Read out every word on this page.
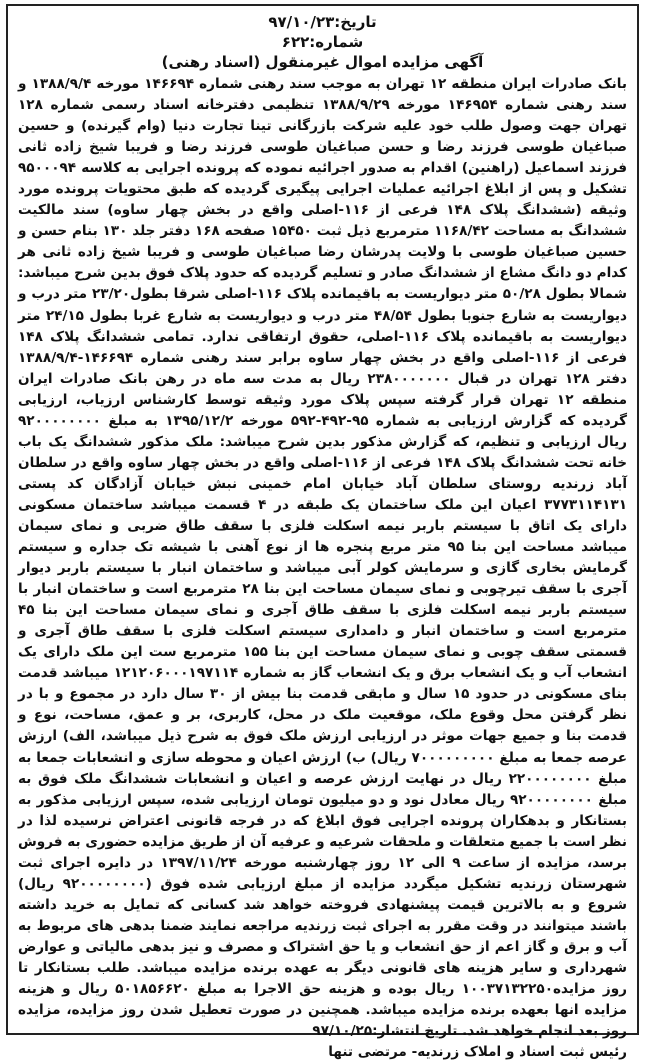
تاریخ:۹۷/۱۰/۲۳
شماره:۶۲۲
آگهی مزایده اموال غیرمنقول (اسناد رهنی)
بانک صادرات ایران منطقه ۱۲ تهران به موجب سند رهنی شماره ۱۴۶۶۹۴ مورخه ۱۳۸۸/۹/۴ و سند رهنی شماره ۱۴۶۹۵۴ مورخه ۱۳۸۸/۹/۲۹ تنظیمی دفترخانه اسناد رسمی شماره ۱۲۸ تهران جهت وصول طلب خود علیه شرکت بازرگانی تینا تجارت دنیا (وام گیرنده) و حسین صباغیان طوسی فرزند رضا و حسن صباغیان طوسی فرزند رضا و فریبا شیخ زاده ثانی فرزند اسماعیل (راهنین) اقدام به صدور اجرائیه نموده که پرونده اجرایی به کلاسه ۹۵۰۰۰۹۴ تشکیل و پس از ابلاغ اجرائیه عملیات اجرایی پیگیری گردیده که طبق محتویات پرونده مورد وثیقه (ششدانگ پلاک ۱۴۸ فرعی از ۱۱۶-اصلی واقع در بخش چهار ساوه) سند مالکیت ششدانگ به مساحت ۱۱۶۸/۴۲ مترمربع ذیل ثبت ۱۵۴۵۰ صفحه ۱۶۸ دفتر جلد ۱۳۰ بنام حسن و حسین صباغیان طوسی با ولایت پدرشان رضا صباغیان طوسی و فریبا شیخ زاده ثانی هر کدام دو دانگ مشاع از ششدانگ صادر و تسلیم گردیده که حدود پلاک فوق بدین شرح میباشد: شمالا بطول ۵۰/۲۸ متر دیواریست به باقیمانده پلاک ۱۱۶-اصلی شرقا بطول۲۳/۲۰ متر درب و دیواریست به شارع جنوبا بطول ۴۸/۵۴ متر درب و دیواریست به شارع غربا بطول ۲۴/۱۵ متر دیواریست به باقیمانده پلاک ۱۱۶-اصلی، حقوق ارتفاقی ندارد. تمامی ششدانگ پلاک ۱۴۸ فرعی از ۱۱۶-اصلی واقع در بخش چهار ساوه برابر سند رهنی شماره ۱۴۶۶۹۴-۱۳۸۸/۹/۴ دفتر ۱۲۸ تهران در قبال ۲۳۸۰۰۰۰۰۰۰ ریال به مدت سه ماه در رهن بانک صادرات ایران منطقه ۱۲ تهران قرار گرفته سپس پلاک مورد وثیقه توسط کارشناس ارزیاب، ارزیابی گردیده که گزارش ارزیابی به شماره ۹۵-۴۹۲-۵۹۲ مورخه ۱۳۹۵/۱۲/۲ به مبلغ ۹۲۰۰۰۰۰۰۰۰ ریال ارزیابی و تنظیم، که گزارش مذکور بدین شرح میباشد: ملک مذکور ششدانگ یک باب خانه تحت ششدانگ پلاک ۱۴۸ فرعی از ۱۱۶-اصلی واقع در بخش چهار ساوه واقع در سلطان آباد زرندیه روستای سلطان آباد خیابان امام خمینی نبش خیابان آزادگان کد پستی ۳۷۷۳۱۱۴۱۳۱ اعیان این ملک ساختمان یک طبقه در ۴ قسمت میباشد ساختمان مسکونی دارای یک اتاق با سیستم باربر نیمه اسکلت فلزی با سقف طاق ضربی و نمای سیمان میباشد مساحت این بنا ۹۵ متر مربع پنجره ها از نوع آهنی با شیشه تک جداره و سیستم گرمایش بخاری گازی و سرمایش کولر آبی میباشد و ساختمان انبار با سیستم باربر دیوار آجری با سقف تیرچوبی و نمای سیمان مساحت این بنا ۲۸ مترمربع است و ساختمان انبار با سیستم باربر نیمه اسکلت فلزی با سقف طاق آجری و نمای سیمان مساحت این بنا ۴۵ مترمربع است و ساختمان انبار و دامداری سیستم اسکلت فلزی با سقف طاق آجری و قسمتی سقف چوبی و نمای سیمان مساحت این بنا ۱۵۵ مترمربع ست این ملک دارای یک انشعاب آب و یک انشعاب برق و یک انشعاب گاز به شماره ۱۲۱۲۰۶۰۰۰۱۹۷۱۱۴ میباشد قدمت بنای مسکونی در حدود ۱۵ سال و مابقی قدمت بنا بیش از ۳۰ سال دارد در مجموع و با در نظر گرفتن محل وقوع ملک، موقعیت ملک در محل، کاربری، بر و عمق، مساحت، نوع و قدمت بنا و جمیع جهات موثر در ارزیابی ارزش ملک فوق به شرح ذیل میباشد، الف) ارزش عرصه جمعا به مبلغ ۷۰۰۰۰۰۰۰۰۰ ریال) ب) ارزش اعیان و محوطه سازی و انشعابات جمعا به مبلغ ۲۲۰۰۰۰۰۰۰۰ ریال در نهایت ارزش عرصه و اعیان و انشعابات ششدانگ ملک فوق به مبلغ ۹۲۰۰۰۰۰۰۰۰ ریال معادل نود و دو میلیون تومان ارزیابی شده، سپس ارزیابی مذکور به بستانکار و بدهکاران پرونده اجرایی فوق ابلاغ که در فرجه قانونی اعتراض نرسیده لذا در نظر است با جمیع متعلقات و ملحقات شرعیه و عرفیه آن از طریق مزایده حضوری به فروش برسد، مزایده از ساعت ۹ الی ۱۲ روز چهارشنبه مورخه ۱۳۹۷/۱۱/۲۴ در دایره اجرای ثبت شهرستان زرندیه تشکیل میگردد مزایده از مبلغ ارزیابی شده فوق (۹۲۰۰۰۰۰۰۰۰ ریال) شروع و به بالاترین قیمت پیشنهادی فروخته خواهد شد کسانی که تمایل به خرید داشته باشند میتوانند در وقت مقرر به اجرای ثبت زرندیه مراجعه نمایند ضمنا بدهی های مربوط به آب و برق و گاز اعم از حق انشعاب و یا حق اشتراک و مصرف و نیز بدهی مالیاتی و عوارض شهرداری و سایر هزینه های قانونی دیگر به عهده برنده مزایده میباشد. طلب بستانکار تا روز مزایده۱۰۰۳۷۱۳۲۲۵۰ ریال بوده و هزینه حق الاجرا به مبلغ ۵۰۱۸۵۶۶۲۰ ریال و هزینه مزایده انها بعهده برنده مزایده میباشد. همچنین در صورت تعطیل شدن روز مزایده، مزایده روز بعد انجام خواهد شد. تاریخ انتشار:۹۷/۱۰/۲۵
رئیس ثبت اسناد و املاک زرندیه- مرتضی تنها
